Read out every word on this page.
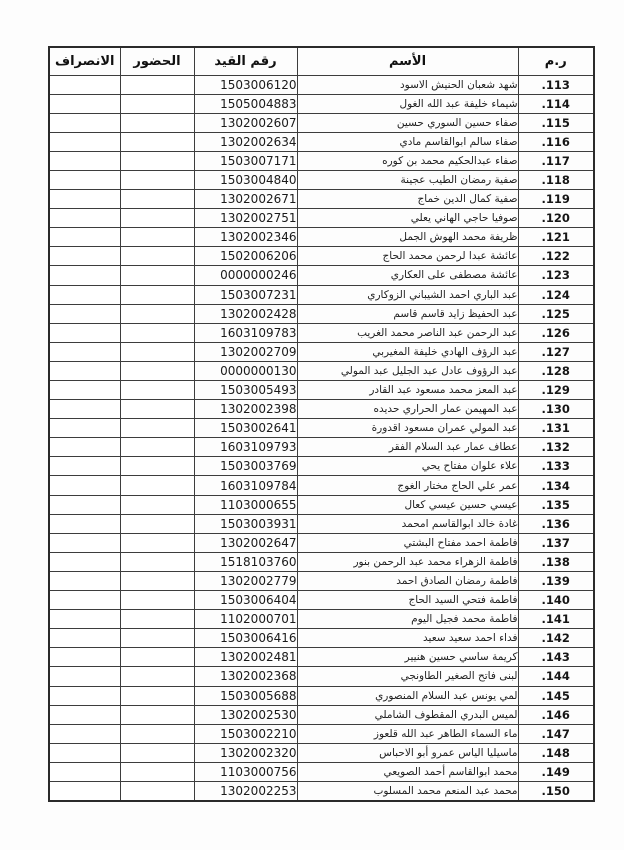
ر.م	الأسم	رقم القيد	الحضور	الانصراف
113.	شهد شعبان الحنيش الاسود	1503006120		
114.	شيماء خليفة عبد الله الغول	1505004883		
115.	صفاء حسين السوري حسين	1302002607		
116.	صفاء سالم ابوالقاسم مادي	1302002634		
117.	صفاء عبدالحكيم محمد بن كوره	1503007171		
118.	صفية رمضان الطيب عجينة	1503004840		
119.	صفية كمال الدين خماج	1302002671		
120.	صوفيا حاجي الهاني يعلي	1302002751		
121.	ظريفة محمد الهوش الجمل	1302002346		
122.	عائشة عبدا لرحمن محمد الحاج	1502006206		
123.	عائشة مصطفى على العكاري	0000000246		
124.	عبد الباري احمد الشيباني الزوكاري	1503007231		
125.	عبد الحفيظ زايد قاسم قاسم	1302002428		
126.	عبد الرحمن عبد الناصر محمد الغريب	1603109783		
127.	عبد الرؤف الهادي خليفة المغيربي	1302002709		
128.	عبد الرؤوف عادل عبد الجليل عبد المولي	0000000130		
129.	عبد المعز محمد مسعود عبد القادر	1503005493		
130.	عبد المهيمن عمار الحراري حديده	1302002398		
131.	عبد المولي عمران مسعود اقدورة	1503002641		
132.	عطاف عمار عبد السلام الفقر	1603109793		
133.	علاء علوان مفتاح يحي	1503003769		
134.	عمر علي الحاج مختار الغوج	1603109784		
135.	عيسي حسين عيسي كعال	1103000655		
136.	غادة خالد ابوالقاسم امحمد	1503003931		
137.	فاطمة احمد مفتاح البشتي	1302002647		
138.	فاطمة الزهراء محمد عبد الرحمن بنور	1518103760		
139.	فاطمة رمضان الصادق احمد	1302002779		
140.	فاطمة فتحي السيد الحاج	1503006404		
141.	فاطمة محمد فجيل اليوم	1102000701		
142.	فداء احمد سعيد سعيد	1503006416		
143.	كريمة ساسي حسين هنيير	1302002481		
144.	لبنى فاتح الصغير الطاونجي	1302002368		
145.	لمي يونس عبد السلام المنصوري	1503005688		
146.	لميس البدري المقطوف الشاملي	1302002530		
147.	ماء السماء الطاهر عبد الله قلعوز	1503002210		
148.	ماسيليا الياس عمرو أبو الاحباس	1302002320		
149.	محمد ابوالقاسم أحمد الصويعي	1103000756		
150.	محمد عبد المنعم محمد المسلوب	1302002253		
